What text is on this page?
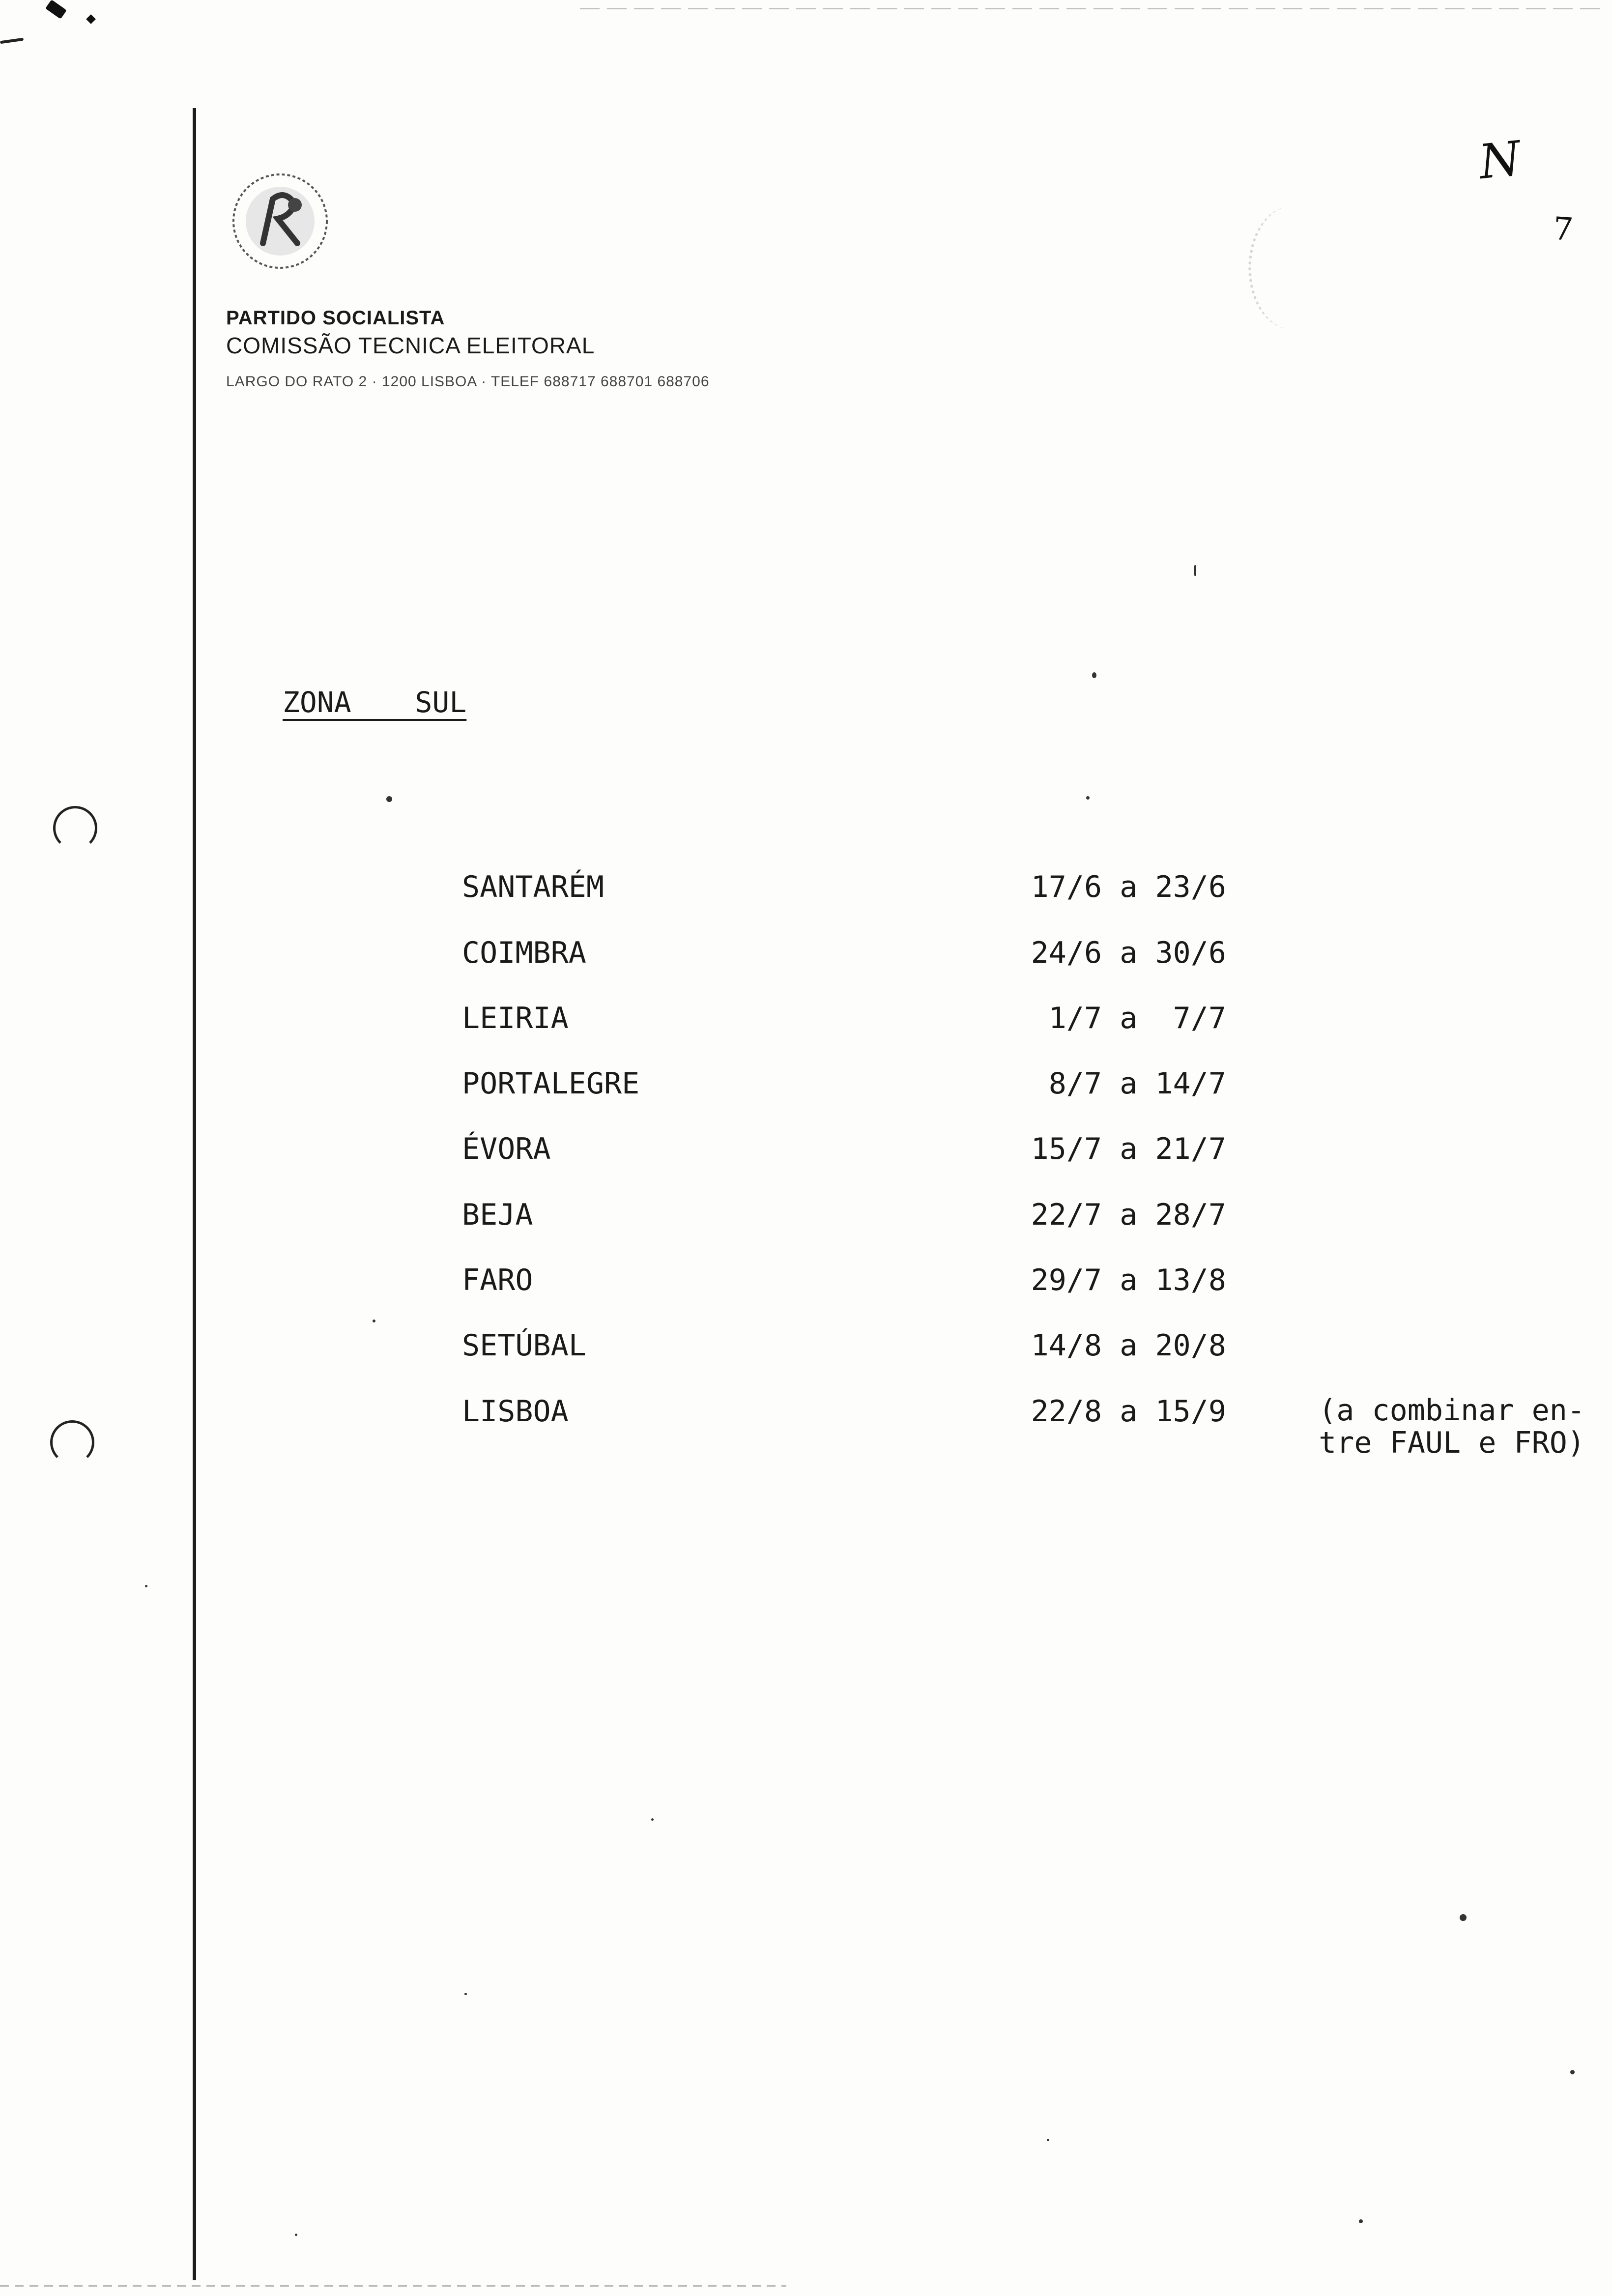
PARTIDO SOCIALISTA
COMISSÃO TECNICA ELEITORAL
LARGO DO RATO 2 · 1200 LISBOA · TELEF 688717 688701 688706
N
7
ZONA  SUL
SANTARÉM	17/6 a 23/6
COIMBRA	24/6 a 30/6
LEIRIA	1/7 a  7/7
PORTALEGRE	8/7 a 14/7
ÉVORA	15/7 a 21/7
BEJA	22/7 a 28/7
FARO	29/7 a 13/8
SETÚBAL	14/8 a 20/8
LISBOA	22/8 a 15/9	(a combinar en-
tre FAUL e FRO)
